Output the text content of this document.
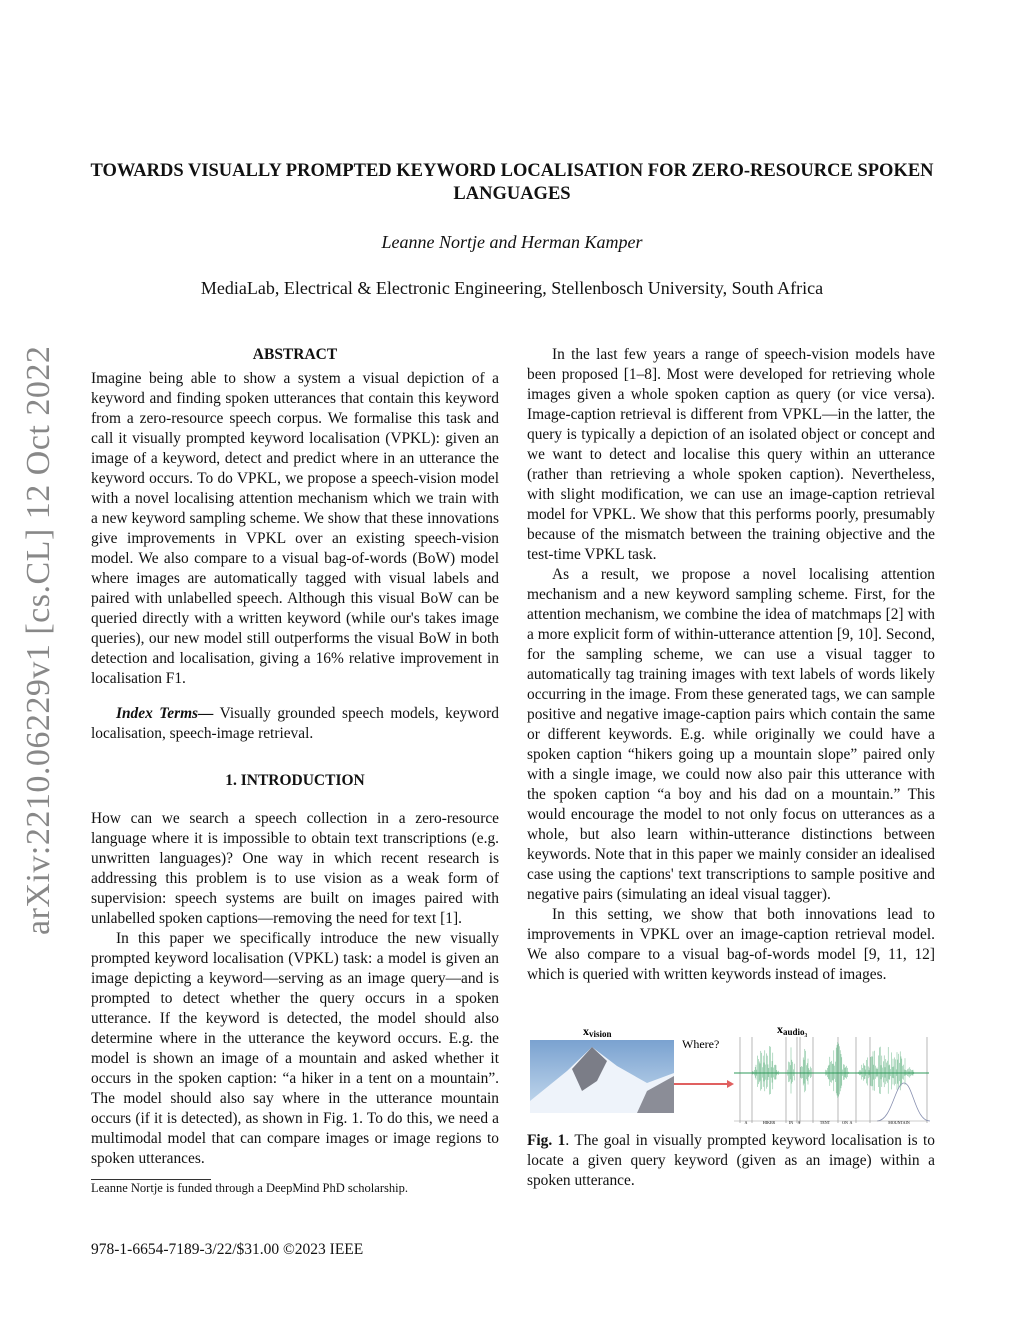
arXiv:2210.06229v1 [cs.CL] 12 Oct 2022
TOWARDS VISUALLY PROMPTED KEYWORD LOCALISATION FOR ZERO-RESOURCE SPOKEN LANGUAGES
Leanne Nortje and Herman Kamper
MediaLab, Electrical & Electronic Engineering, Stellenbosch University, South Africa
ABSTRACT

Imagine being able to show a system a visual depiction of a keyword and finding spoken utterances that contain this keyword from a zero-resource speech corpus. We formalise this task and call it visually prompted keyword localisation (VPKL): given an image of a keyword, detect and predict where in an utterance the keyword occurs. To do VPKL, we propose a speech-vision model with a novel localising attention mechanism which we train with a new keyword sampling scheme. We show that these innovations give improvements in VPKL over an existing speech-vision model. We also compare to a visual bag-of-words (BoW) model where images are automatically tagged with visual labels and paired with unlabelled speech. Although this visual BoW can be queried directly with a written keyword (while our's takes image queries), our new model still outperforms the visual BoW in both detection and localisation, giving a 16% relative improvement in localisation F1.

Index Terms— Visually grounded speech models, keyword localisation, speech-image retrieval.

1. INTRODUCTION

How can we search a speech collection in a zero-resource language where it is impossible to obtain text transcriptions (e.g. unwritten languages)? One way in which recent research is addressing this problem is to use vision as a weak form of supervision: speech systems are built on images paired with unlabelled spoken captions—removing the need for text [1].

In this paper we specifically introduce the new visually prompted keyword localisation (VPKL) task: a model is given an image depicting a keyword—serving as an image query—and is prompted to detect whether the query occurs in a spoken utterance. If the keyword is detected, the model should also determine where in the utterance the keyword occurs. E.g. the model is shown an image of a mountain and asked whether it occurs in the spoken caption: “a hiker in a tent on a mountain”. The model should also say where in the utterance mountain occurs (if it is detected), as shown in Fig. 1. To do this, we need a multimodal model that can compare images or image regions to spoken utterances.

Leanne Nortje is funded through a DeepMind PhD scholarship.

In the last few years a range of speech-vision models have been proposed [1–8]. Most were developed for retrieving whole images given a whole spoken caption as query (or vice versa). Image-caption retrieval is different from VPKL—in the latter, the query is typically a depiction of an isolated object or concept and we want to detect and localise this query within an utterance (rather than retrieving a whole spoken caption). Nevertheless, with slight modification, we can use an image-caption retrieval model for VPKL. We show that this performs poorly, presumably because of the mismatch between the training objective and the test-time VPKL task.

As a result, we propose a novel localising attention mechanism and a new keyword sampling scheme. First, for the attention mechanism, we combine the idea of matchmaps [2] with a more explicit form of within-utterance attention [9, 10]. Second, for the sampling scheme, we can use a visual tagger to automatically tag training images with text labels of words likely occurring in the image. From these generated tags, we can sample positive and negative image-caption pairs which contain the same or different keywords. E.g. while originally we could have a spoken caption “hikers going up a mountain slope” paired only with a single image, we could now also pair this utterance with the spoken caption “a boy and his dad on a mountain.” This would encourage the model to not only focus on utterances as a whole, but also learn within-utterance distinctions between keywords. Note that in this paper we mainly consider an idealised case using the captions' text transcriptions to sample positive and negative pairs (simulating an ideal visual tagger).

In this setting, we show that both innovations lead to improvements in VPKL over an image-caption retrieval model. We also compare to a visual bag-of-words model [9, 11, 12] which is queried with written keywords instead of images.

xvision
Where?
xaudio₃
A	HIKER	IN A	TENT	ON A	MOUNTAIN

Fig. 1. The goal in visually prompted keyword localisation is to locate a given query keyword (given as an image) within a spoken utterance.

978-1-6654-7189-3/22/$31.00 ©2023 IEEE
